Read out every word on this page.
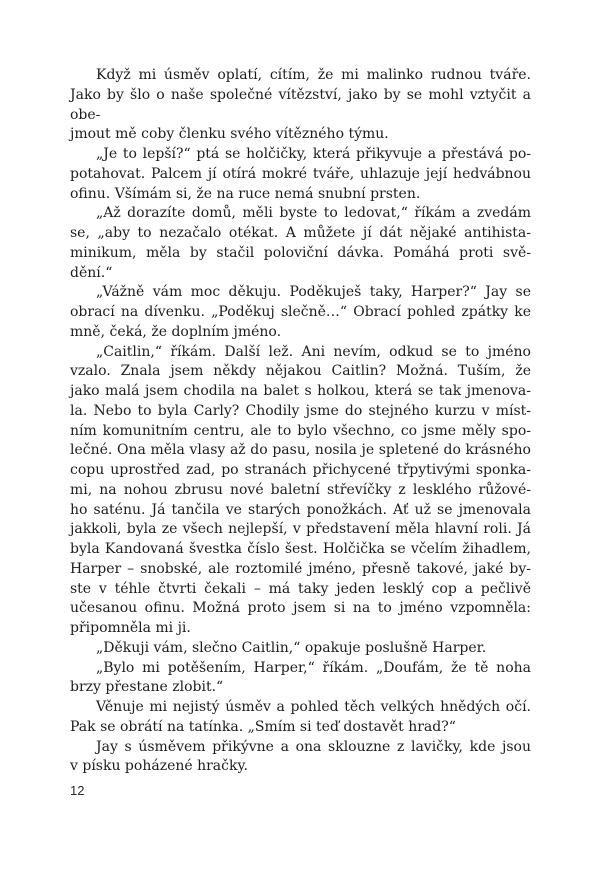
Když mi úsměv oplatí, cítím, že mi malinko rudnou tváře.
Jako by šlo o naše společné vítězství, jako by se mohl vztyčit a obe-
jmout mě coby členku svého vítězného týmu.
„Je to lepší?“ ptá se holčičky, která přikyvuje a přestává po-
potahovat. Palcem jí otírá mokré tváře, uhlazuje její hedvábnou
ofinu. Všímám si, že na ruce nemá snubní prsten.
„Až dorazíte domů, měli byste to ledovat,“ říkám a zvedám
se, „aby to nezačalo otékat. A můžete jí dát nějaké antihista-
minikum, měla by stačil poloviční dávka. Pomáhá proti svě-
dění.“
„Vážně vám moc děkuju. Poděkuješ taky, Harper?“ Jay se
obrací na dívenku. „Poděkuj slečně…“ Obrací pohled zpátky ke
mně, čeká, že doplním jméno.
„Caitlin,“ říkám. Další lež. Ani nevím, odkud se to jméno
vzalo. Znala jsem někdy nějakou Caitlin? Možná. Tuším, že
jako malá jsem chodila na balet s holkou, která se tak jmenova-
la. Nebo to byla Carly? Chodily jsme do stejného kurzu v míst-
ním komunitním centru, ale to bylo všechno, co jsme měly spo-
lečné. Ona měla vlasy až do pasu, nosila je spletené do krásného
copu uprostřed zad, po stranách přichycené třpytivými sponka-
mi, na nohou zbrusu nové baletní střevíčky z lesklého růžové-
ho saténu. Já tančila ve starých ponožkách. Ať už se jmenovala
jakkoli, byla ze všech nejlepší, v představení měla hlavní roli. Já
byla Kandovaná švestka číslo šest. Holčička se včelím žihadlem,
Harper – snobské, ale roztomilé jméno, přesně takové, jaké by-
ste v téhle čtvrti čekali – má taky jeden lesklý cop a pečlivě
učesanou ofinu. Možná proto jsem si na to jméno vzpomněla:
připomněla mi ji.
„Děkuji vám, slečno Caitlin,“ opakuje poslušně Harper.
„Bylo mi potěšením, Harper,“ říkám. „Doufám, že tě noha
brzy přestane zlobit.“
Věnuje mi nejistý úsměv a pohled těch velkých hnědých očí.
Pak se obrátí na tatínka. „Smím si teď dostavět hrad?“
Jay s úsměvem přikývne a ona sklouzne z lavičky, kde jsou
v písku poházené hračky.
12
